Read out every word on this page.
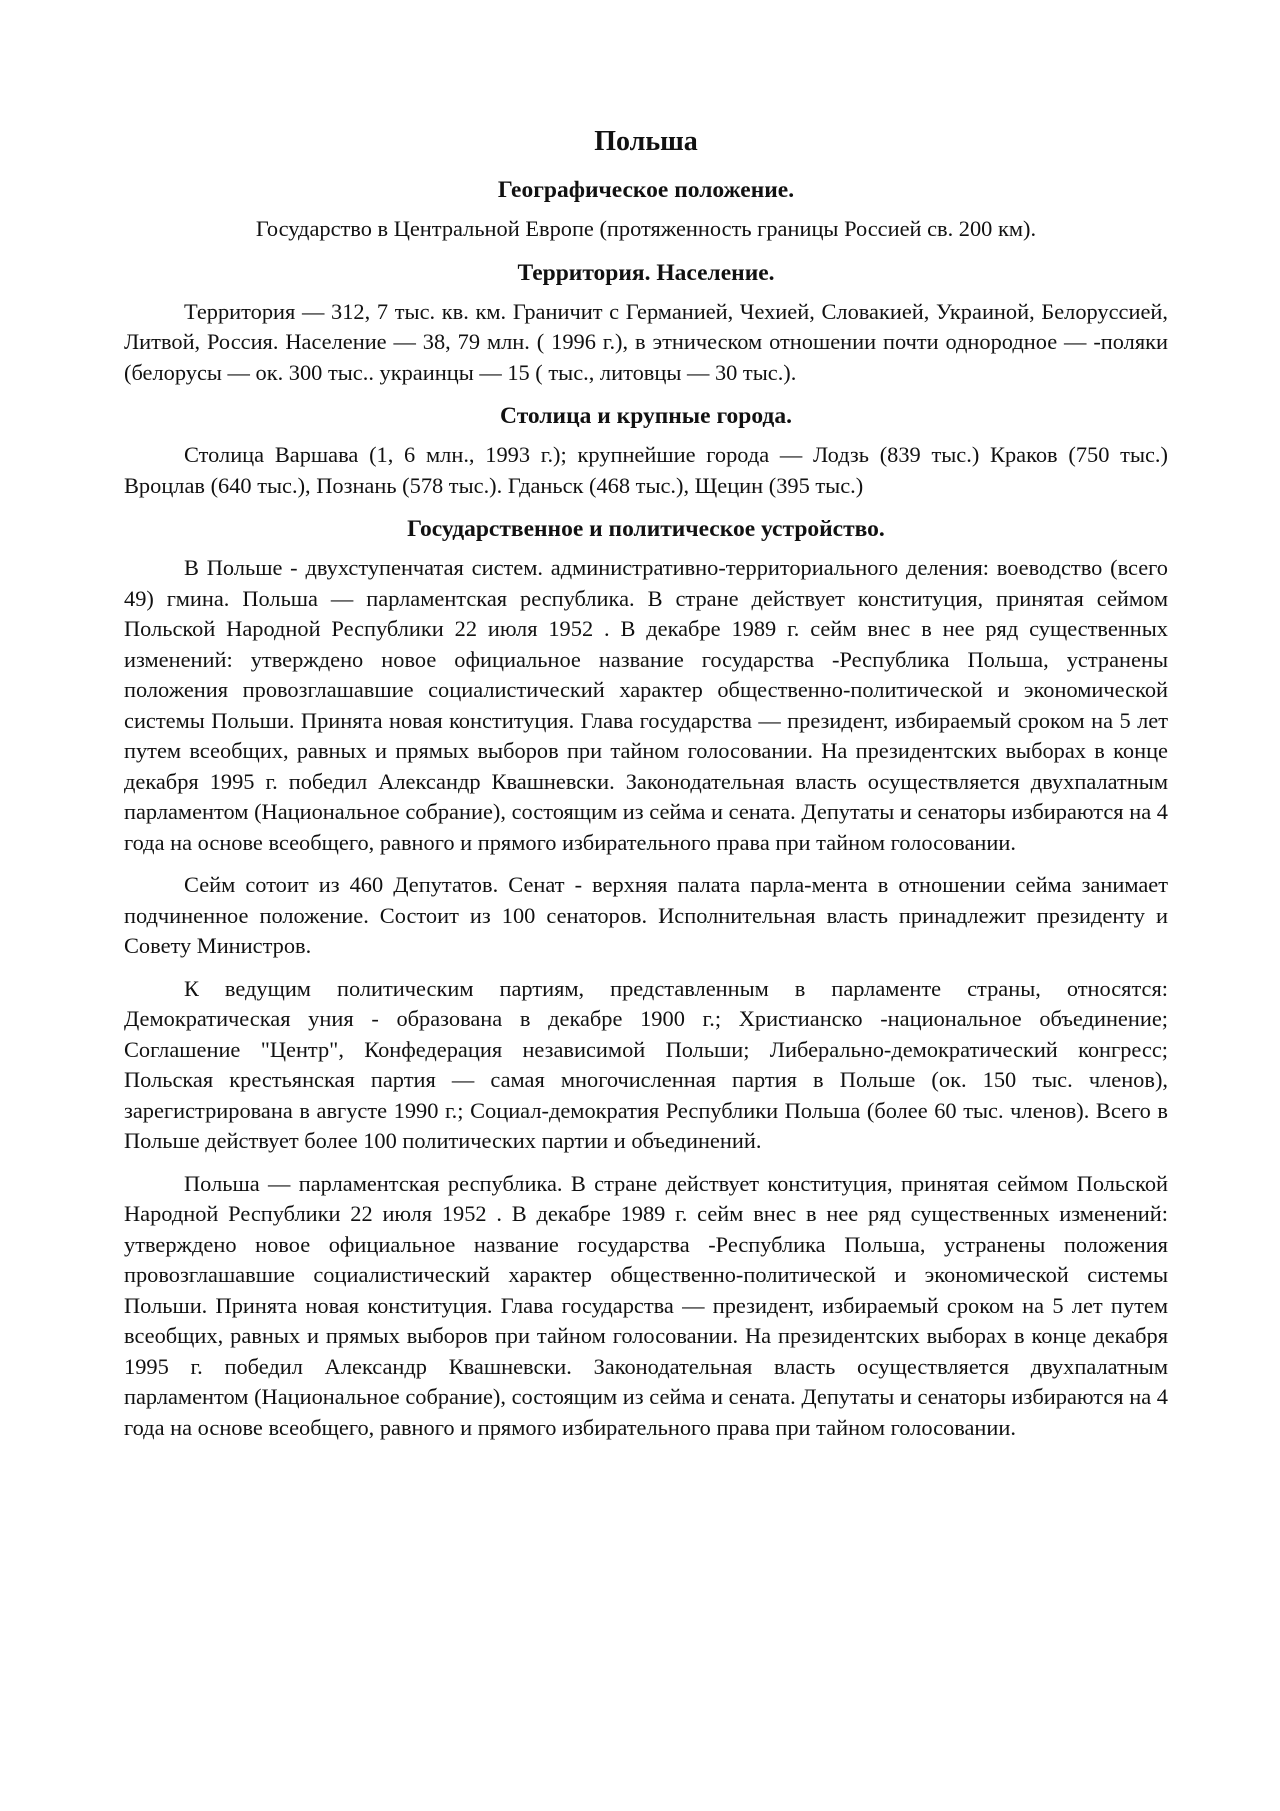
Польша
Географическое положение.

Государство в Центральной Европе (протяженность границы Россией св. 200 км).

Территория. Население.

Территория — 312, 7 тыс. кв. км. Граничит с Германией, Чехией, Словакией, Украиной, Белоруссией, Литвой, Россия. Население — 38, 79 млн. ( 1996 г.), в этническом отношении почти однородное — -поляки (белорусы — ок. 300 тыс.. украинцы — 15 ( тыс., литовцы — 30 тыс.).

Столица и крупные города.

Столица Варшава (1, 6 млн., 1993 г.); крупнейшие города — Лодзь (839 тыс.) Краков (750 тыс.) Вроцлав (640 тыс.), Познань (578 тыс.). Гданьск (468 тыс.), Щецин (395 тыс.)

Государственное и политическое устройство.

В Польше - двухступенчатая систем. административно-территориального деления: воеводство (всего 49) гмина. Польша — парламентская республика. В стране действует конституция, принятая сеймом Польской Народной Республики 22 июля 1952 . В декабре 1989 г. сейм внес в нее ряд существенных изменений: утверждено новое официальное название государства -Республика Польша, устранены положения провозглашавшие социалистический характер общественно-политической и экономической системы Польши. Принята новая конституция. Глава государства — президент, избираемый сроком на 5 лет путем всеобщих, равных и прямых выборов при тайном голосовании. На президентских выборах в конце декабря 1995 г. победил Александр Квашневски. Законодательная власть осуществляется двухпалатным парламентом (Национальное собрание), состоящим из сейма и сената. Депутаты и сенаторы избираются на 4 года на основе всеобщего, равного и прямого избирательного права при тайном голосовании.

Сейм сотоит из 460 Депутатов. Сенат - верхняя палата парла-мента в отношении сейма занимает подчиненное положение. Состоит из 100 сенаторов. Исполнительная власть принадлежит президенту и Совету Министров.

К ведущим политическим партиям, представленным в парламенте страны, относятся: Демократическая уния - образована в декабре 1900 г.; Христианско -национальное объединение; Соглашение "Центр", Конфедерация независимой Польши; Либерально-демократический конгресс; Польская крестьянская партия — самая многочисленная партия в Польше (ок. 150 тыс. членов), зарегистрирована в августе 1990 г.; Социал-демократия Республики Польша (более 60 тыс. членов). Всего в Польше действует более 100 политических партии и объединений.

Польша — парламентская республика. В стране действует конституция, принятая сеймом Польской Народной Республики 22 июля 1952 . В декабре 1989 г. сейм внес в нее ряд существенных изменений: утверждено новое официальное название государства -Республика Польша, устранены положения провозглашавшие социалистический характер общественно-политической и экономической системы Польши. Принята новая конституция. Глава государства — президент, избираемый сроком на 5 лет путем всеобщих, равных и прямых выборов при тайном голосовании. На президентских выборах в конце декабря 1995 г. победил Александр Квашневски. Законодательная власть осуществляется двухпалатным парламентом (Национальное собрание), состоящим из сейма и сената. Депутаты и сенаторы избираются на 4 года на основе всеобщего, равного и прямого избирательного права при тайном голосовании.
